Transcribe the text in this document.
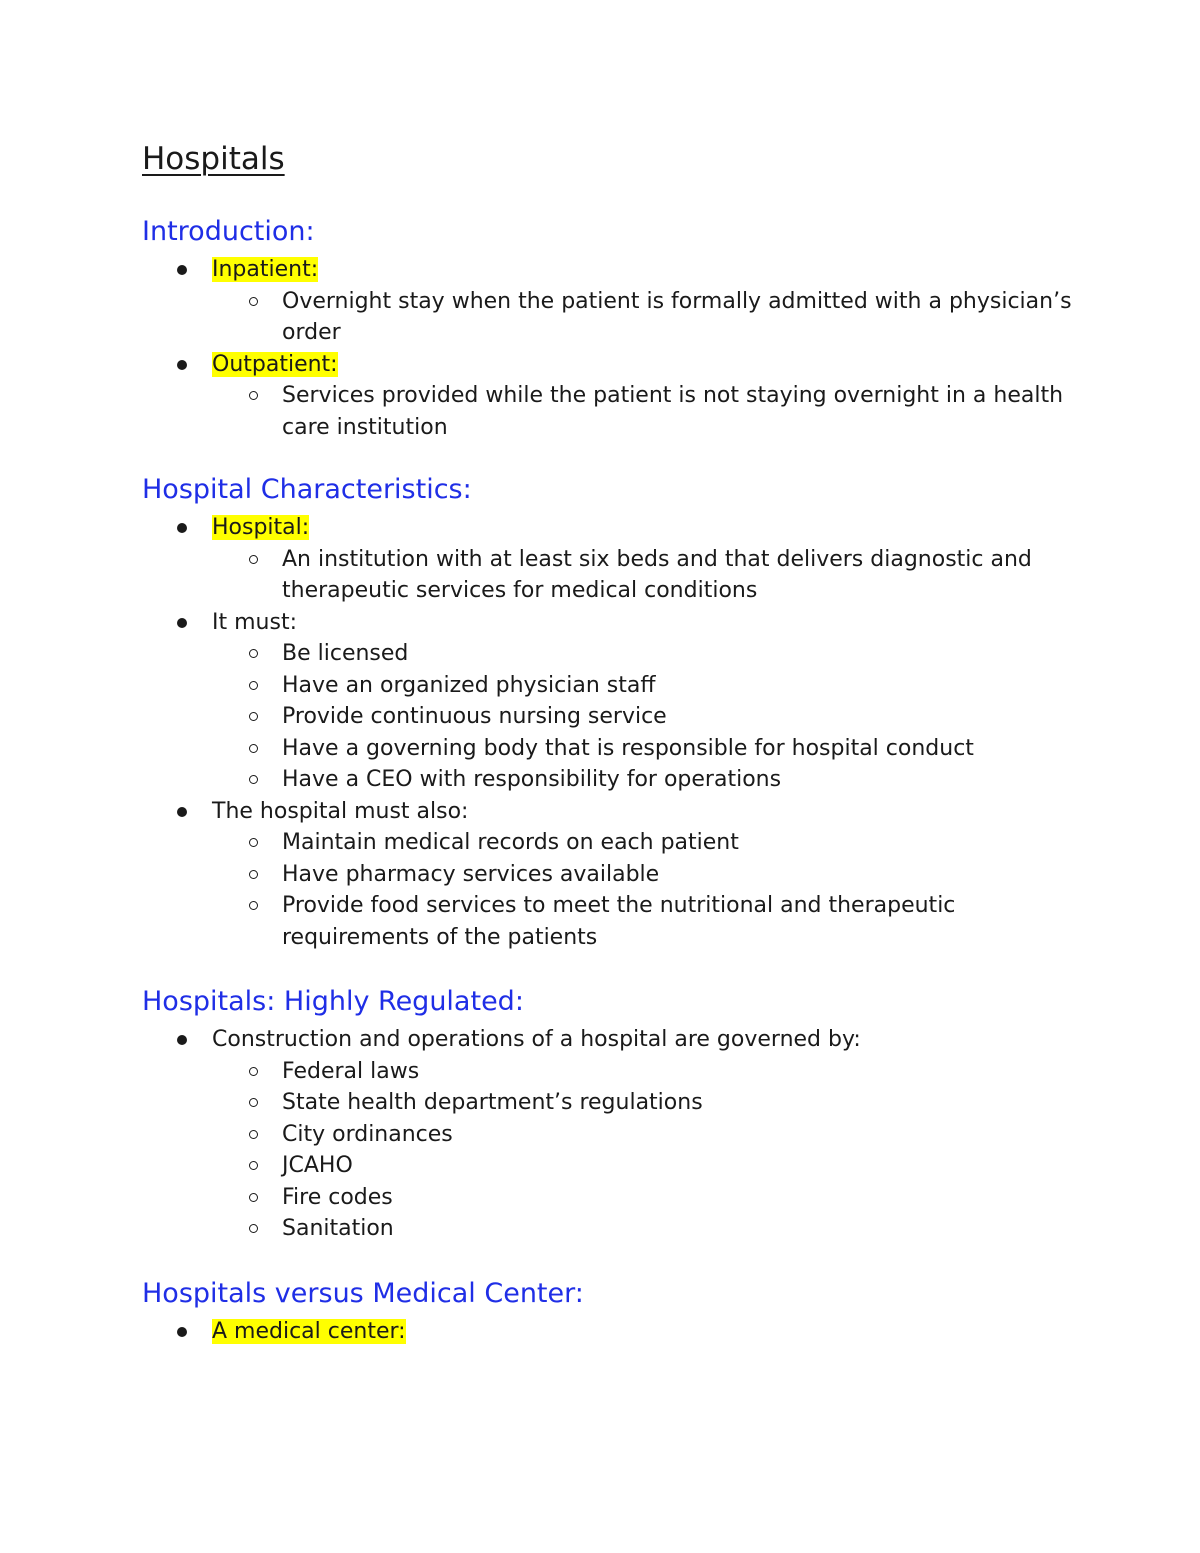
Hospitals
Introduction:
Inpatient:
Overnight stay when the patient is formally admitted with a physician’s order
Outpatient:
Services provided while the patient is not staying overnight in a health care institution
Hospital Characteristics:
Hospital:
An institution with at least six beds and that delivers diagnostic and therapeutic services for medical conditions
It must:
Be licensed
Have an organized physician staff
Provide continuous nursing service
Have a governing body that is responsible for hospital conduct
Have a CEO with responsibility for operations
The hospital must also:
Maintain medical records on each patient
Have pharmacy services available
Provide food services to meet the nutritional and therapeutic requirements of the patients
Hospitals: Highly Regulated:
Construction and operations of a hospital are governed by:
Federal laws
State health department’s regulations
City ordinances
JCAHO
Fire codes
Sanitation
Hospitals versus Medical Center:
A medical center:
